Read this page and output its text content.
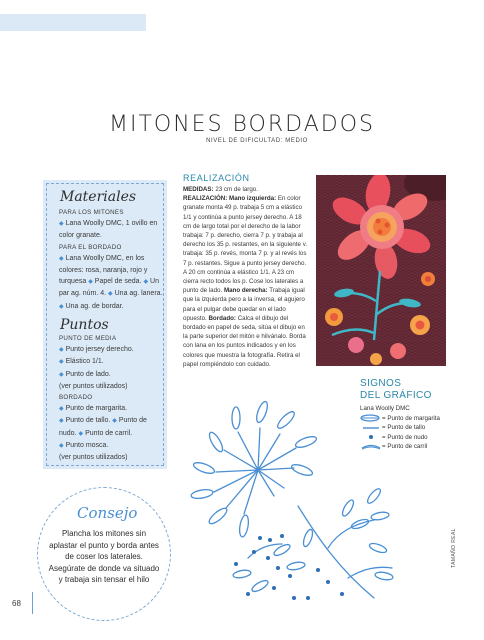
MITONES BORDADOS
NIVEL DE DIFICULTAD: MEDIO
Materiales
PARA LOS MITONES
◆ Lana Woolly DMC, 1 ovillo en color granate.
PARA EL BORDADO
◆ Lana Woolly DMC, en los colores: rosa, naranja, rojo y turquesa ◆ Papel de seda. ◆ Un par ag. núm. 4. ◆ Una ag. lanera. ◆ Una ag. de bordar.
Puntos
PUNTO DE MEDIA
◆ Punto jersey derecho.
◆ Elástico 1/1.
◆ Punto de lado.
(ver puntos utilizados)
BORDADO
◆ Punto de margarita.
◆ Punto de tallo. ◆ Punto de nudo. ◆ Punto de carril.
◆ Punto mosca.
(ver puntos utilizados)
REALIZACIÓN
MEDIDAS: 23 cm de largo.
REALIZACIÓN: Mano izquierda: En color granate monta 49 p. trabaja 5 cm a elástico 1/1 y continúa a punto jersey derecho. A 18 cm de largo total por el derecho de la labor trabaja: 7 p. derecho, cierra 7 p. y trabaja al derecho los 35 p. restantes, en la siguiente v. trabaja: 35 p. revés, monta 7 p. y al revés los 7 p. restantes. Sigue a punto jersey derecho. A 20 cm continúa a elástico 1/1. A 23 cm cierra recto todos los p. Cose los laterales a punto de lado. Mano derecha: Trabaja igual que la izquierda pero a la inversa, el agujero para el pulgar debe quedar en el lado opuesto. Bordado: Calca el dibujo del bordado en papel de seda, sitúa el dibujo en la parte superior del mitón e hilvánalo. Borda con lana en los puntos indicados y en los colores que muestra la fotografía. Retira el papel rompiéndolo con cuidado.
SIGNOS
DEL GRÁFICO
Lana Woolly DMC
= Punto de margarita
= Punto de tallo
= Punto de nudo
= Punto de carril
Consejo
Plancha los mitones sin aplastar el punto y borda antes de coser los laterales. Asegúrate de donde va situado y trabaja sin tensar el hilo
68
TAMAÑO REAL
